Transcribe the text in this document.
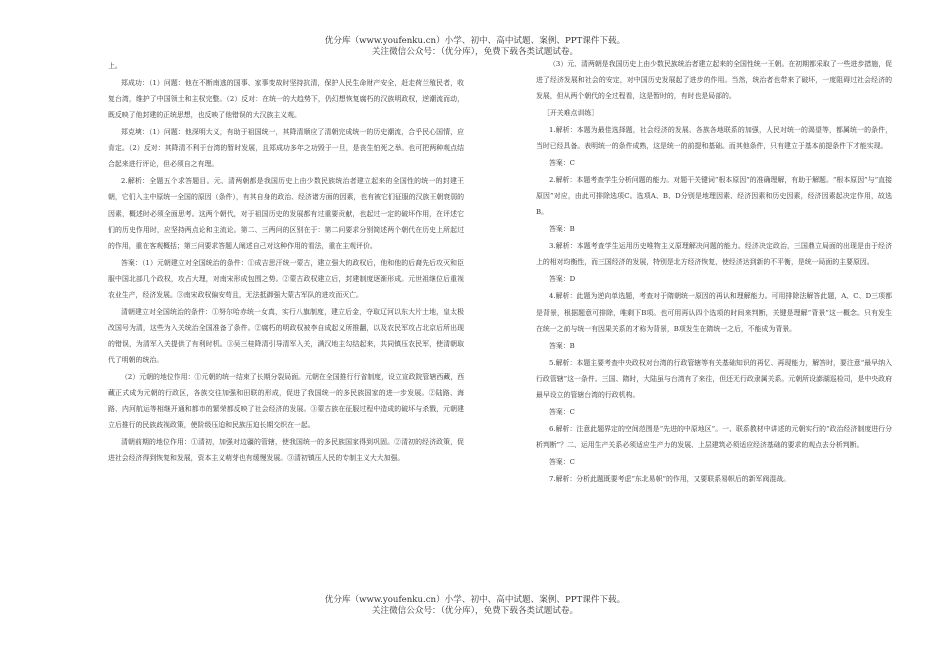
优分库（www.youfenku.cn）小学、初中、高中试题、案例、PPT课件下载。
关注微信公众号：（优分库），免费下载各类试题试卷。

上。

郑成功：（1）问题：他在不断南逃的国事、家事变故时坚持抗清，保护人民生命财产安全，赶走荷兰殖民者，收复台湾，维护了中国领土和主权完整。（2）反对：在统一的大趋势下，仍幻想恢复腐朽的汉族明政权，逆潮流而动，既反映了他封建的正统思想，也反映了他错误的大汉族主义观。

郑克塽：（1）问题：他深明大义，有助于祖国统一，其降清顺应了清朝完成统一的历史潮流，合乎民心国情，应肯定。（2）反对：其降清不利于台湾的暂时发展，且郑成功多年之功毁于一旦，是丧生怕死之举。也可把两种观点结合起来进行评论，但必须自之有理。

2.解析：全题五个求答题目。元、清两朝都是我国历史上由少数民族统治者建立起来的全国性的统一的封建王朝，它们入主中原统一全国的原因（条件），有其自身的政治、经济诸方面的因素，也有被它们征服的汉族王朝衰弱的因素，概述时必须全面思考。这两个朝代，对于祖国历史的发展都有过重要贡献，也起过一定的破坏作用，在评述它们的历史作用时，应坚持两点论和主流论。第二、三两问的区别在于：第二问要求分别简述两个朝代在历史上所起过的作用，重在客观概括；第三问要求答题人阐述自己对这种作用的看法，重在主观评价。

答案：（1）元朝建立对全国统治的条件：①成吉思汗统一蒙古，建立强大的政权后，他和他的后裔先后攻灭和臣服中国北部几个政权，攻占大理，对南宋形成包围之势。②蒙古政权建立后，封建制度逐渐形成。元世祖继位后重视农业生产，经济发展。③南宋政权偏安苟且，无法抵御强大蒙古军队的进攻而灭亡。

清朝建立对全国统治的条件：①努尔哈赤统一女真，实行八旗制度，建立后金，夺取辽河以东大片土地，皇太极改国号为清，这些为入关统治全国准备了条件。②腐朽的明政权被李自成起义所推翻，以及农民军攻占北京后所出现的错误，为清军入关提供了有利时机。③吴三桂降清引导清军入关，满汉地主勾结起来，共同镇压农民军，使清朝取代了明朝的统治。

（2）元朝的地位作用：①元朝的统一结束了长期分裂局面。元朝在全国推行行省制度，设立宣政院管辖西藏，西藏正式成为元朝的行政区，各族交往加强和田联的形成，促进了我国统一的多民族国家的进一步发展。②陆路、海路、内河航运等相继开通和都市的繁荣都反映了社会经济的发展。③蒙古族在征服过程中造成的破坏与杀戮，元朝建立后推行的民族歧视政策，使阶级压迫和民族压迫长期交织在一起。

清朝前期的地位作用：①清初，加强对边疆的管辖，使我国统一的多民族国家得到巩固。②清初的经济政策，促进社会经济得到恢复和发展，资本主义萌芽也有缓慢发展。③清初镇压人民的专制主义大大加强。

（3）元、清两朝是我国历史上由少数民族统治者建立起来的全国性统一王朝。在初期都采取了一些进步措施，促进了经济发展和社会的安定，对中国历史发展起了进步的作用。当然，统治者也带来了破坏，一度阻碍过社会经济的发展，但从两个朝代的全过程看，这是暂时的，有时也是局部的。

［开关难点训练］

1.解析：本题为最佳选择题，社会经济的发展、各族各地联系的加强，人民对统一的渴望等，都属统一的条件，当时已经具备。表明统一的条件成熟，这是统一的前提和基础。而其他条件，只有建立于基本前提条件下才能实现。

答案：C

2.解析：本题考查学生分析问题的能力。对题干关键词“根本原因”的准确理解，有助于解题。“根本原因”与“直接原因”对应，由此可排除选项C。选项A、B、D分别是地理因素、经济因素和历史因素，经济因素起决定作用，故选B。

答案：B

3.解析：本题考查学生运用历史唯物主义原理解决问题的能力。经济决定政治，三国鼎立局面的出现是由于经济上的相对均衡性，而三国经济的发展，特别是北方经济恢复，使经济达到新的不平衡，是统一局面的主要原因。

答案：D

4.解析：此题为逆向单选题，考查对于隋朝统一原因的再认和理解能力。可用排除法解答此题，A、C、D三项都是背景，根据题意可排除，唯剩下B项。也可用再认四个选项的时间来判断，关键是理解“背景”这一概念。只有发生在统一之前与统一有因果关系的才称为背景，B项发生在隋统一之后，不能成为背景。

答案：B

5.解析：本题主要考查中央政权对台湾的行政管辖等有关基础知识的再忆、再现能力，解答时，要注意“最早纳入行政管辖”这一条件。三国、隋时，大陆虽与台湾有了来往，但还无行政隶属关系。元朝所设澎湖巡检司，是中央政府最早设立的管辖台湾的行政机构。

答案：C

6.解析：注意此题界定的空间范围是“先进的中原地区”。一、联系教材中讲述的元朝实行的“政治经济制度进行分析判断”？二、运用生产关系必须适应生产力的发展、上层建筑必须适应经济基础的要求的观点去分析判断。

答案：C

7.解析：分析此题既要考虑“东北易帜”的作用，又要联系易帜后的新军阀混战。

优分库（www.youfenku.cn）小学、初中、高中试题、案例、PPT课件下载。
关注微信公众号：（优分库），免费下载各类试题试卷。
